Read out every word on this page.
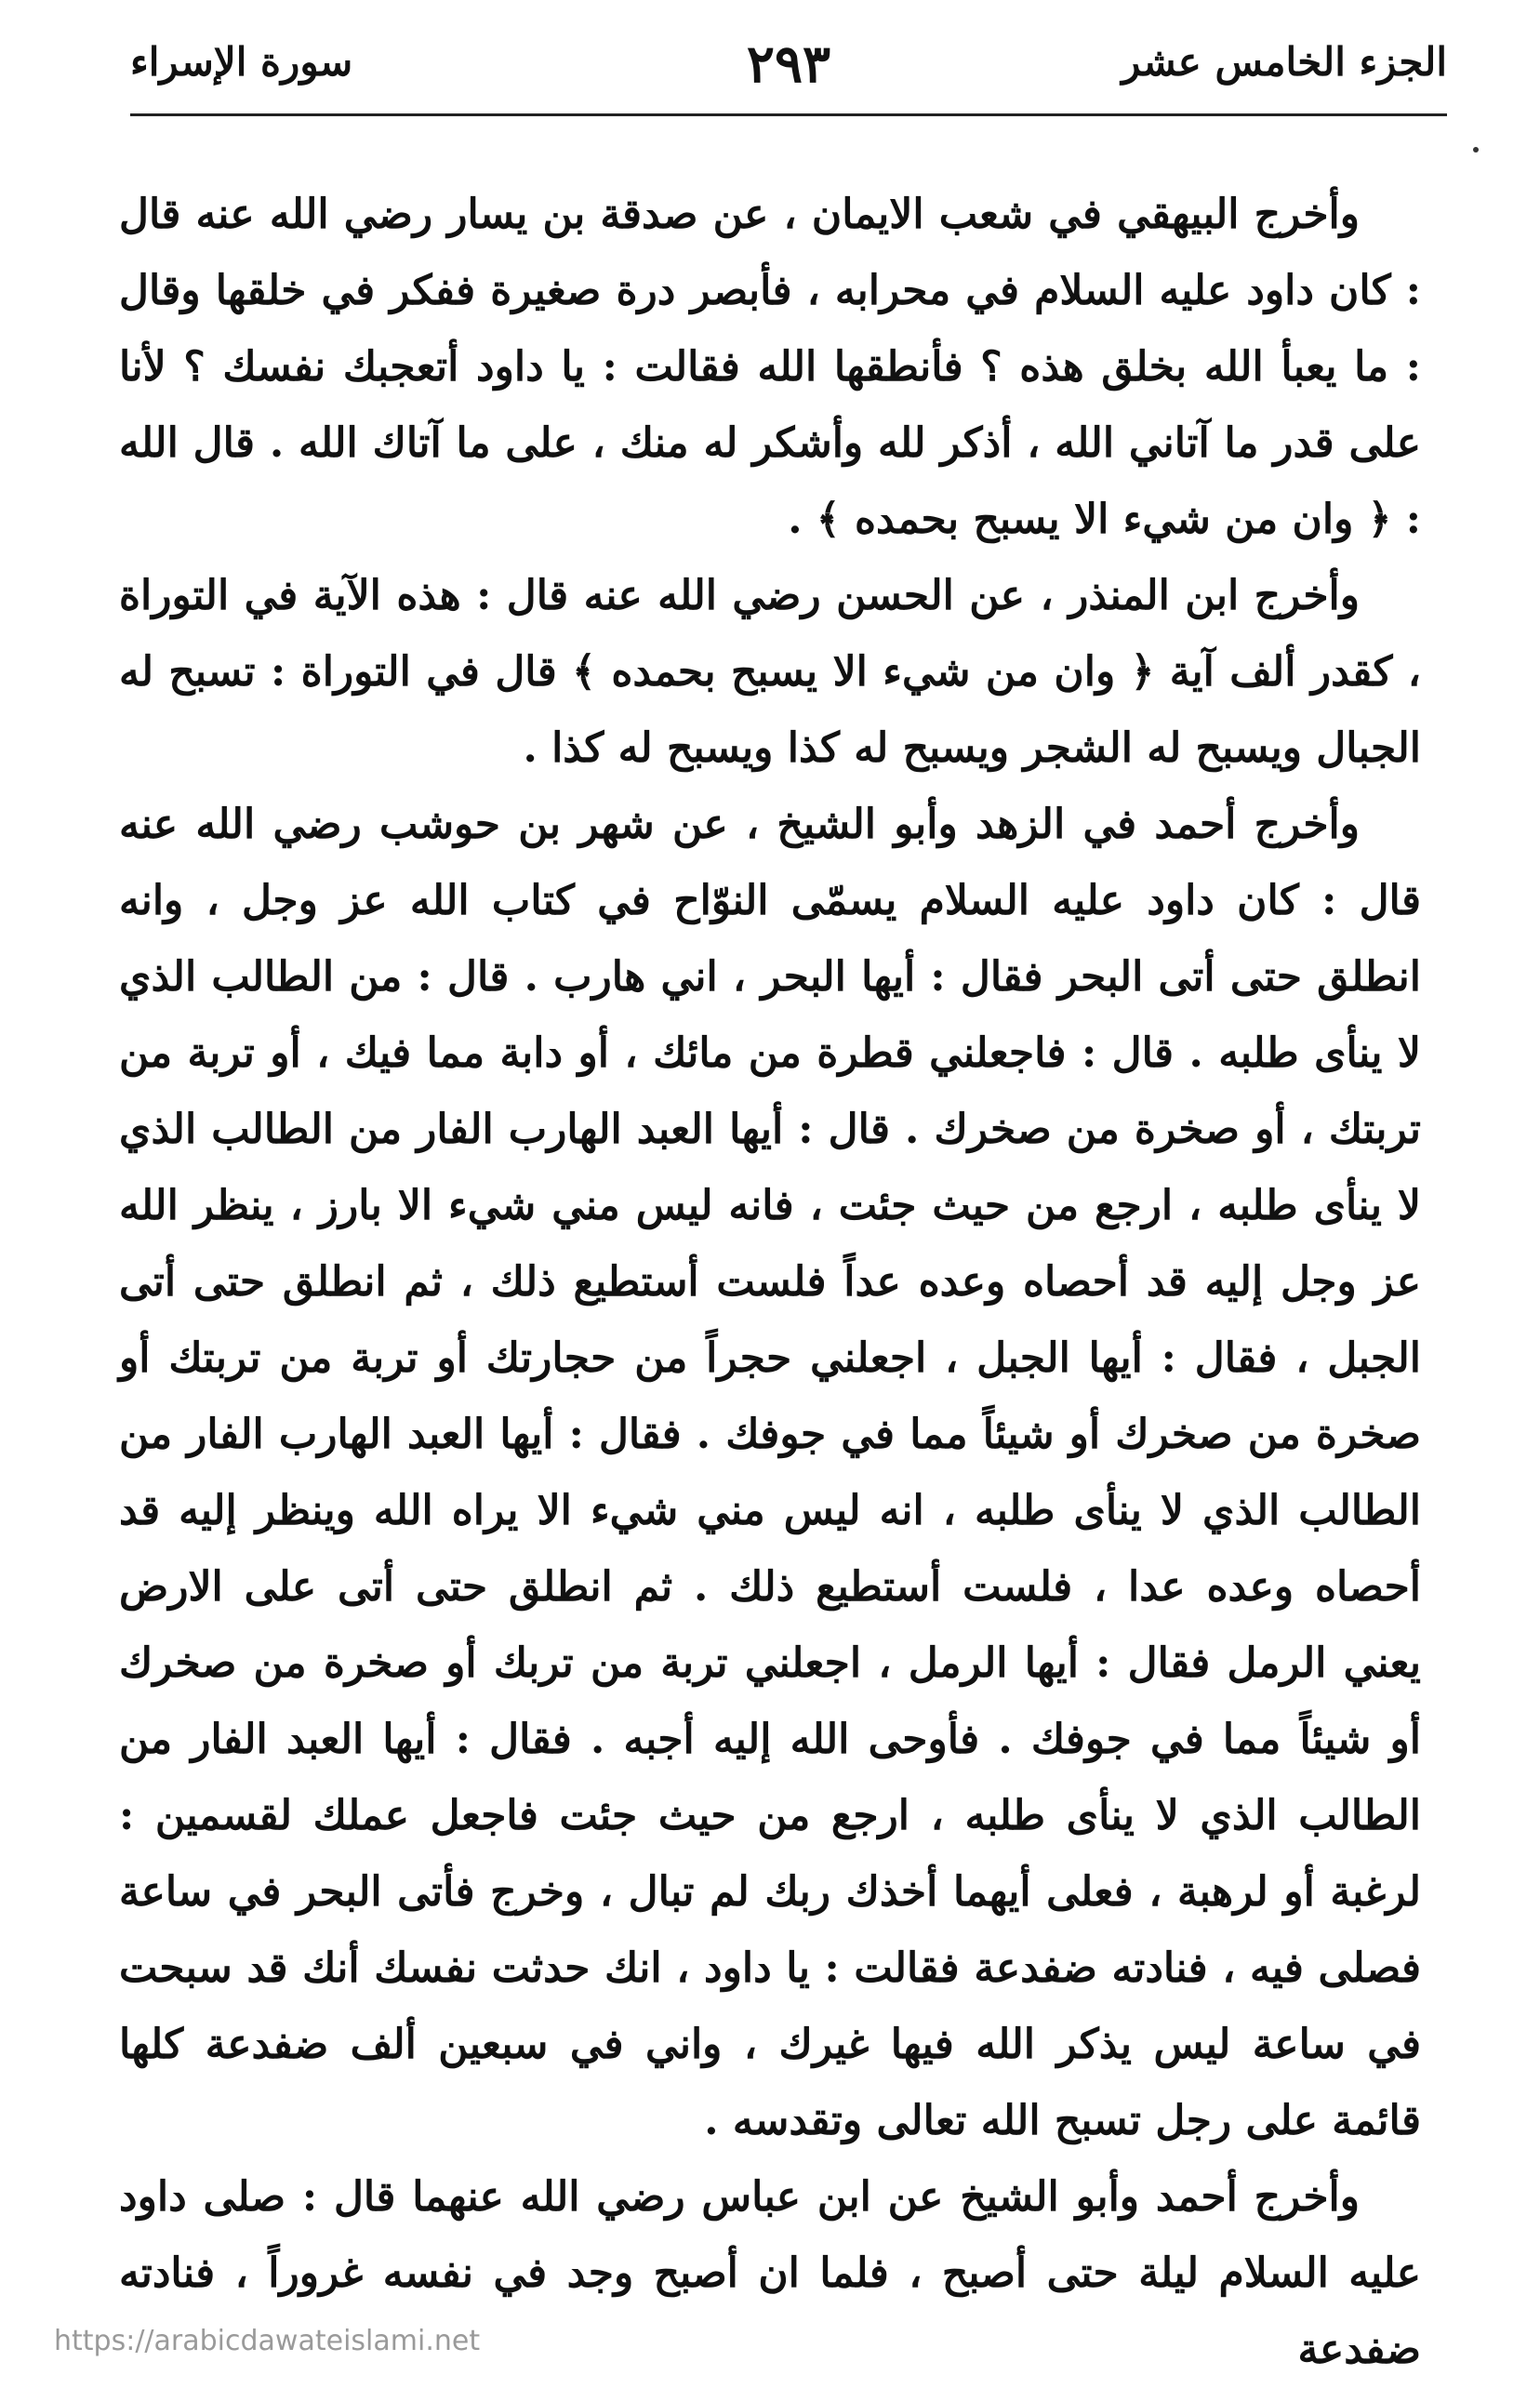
الجزء الخامس عشر
٢٩٣
سورة الإسراء

وأخرج البيهقي في شعب الايمان ، عن صدقة بن يسار رضي الله عنه قال : كان داود عليه السلام في محرابه ، فأبصر درة صغيرة ففكر في خلقها وقال : ما يعبأ الله بخلق هذه ؟ فأنطقها الله فقالت : يا داود أتعجبك نفسك ؟ لأنا على قدر ما آتاني الله ، أذكر لله وأشكر له منك ، على ما آتاك الله . قال الله : ﴿ وان من شيء الا يسبح بحمده ﴾ .

وأخرج ابن المنذر ، عن الحسن رضي الله عنه قال : هذه الآية في التوراة ، كقدر ألف آية ﴿ وان من شيء الا يسبح بحمده ﴾ قال في التوراة : تسبح له الجبال ويسبح له الشجر ويسبح له كذا ويسبح له كذا .

وأخرج أحمد في الزهد وأبو الشيخ ، عن شهر بن حوشب رضي الله عنه قال : كان داود عليه السلام يسمّى النوّاح في كتاب الله عز وجل ، وانه انطلق حتى أتى البحر فقال : أيها البحر ، اني هارب . قال : من الطالب الذي لا ينأى طلبه . قال : فاجعلني قطرة من مائك ، أو دابة مما فيك ، أو تربة من تربتك ، أو صخرة من صخرك . قال : أيها العبد الهارب الفار من الطالب الذي لا ينأى طلبه ، ارجع من حيث جئت ، فانه ليس مني شيء الا بارز ، ينظر الله عز وجل إليه قد أحصاه وعده عداً فلست أستطيع ذلك ، ثم انطلق حتى أتى الجبل ، فقال : أيها الجبل ، اجعلني حجراً من حجارتك أو تربة من تربتك أو صخرة من صخرك أو شيئاً مما في جوفك . فقال : أيها العبد الهارب الفار من الطالب الذي لا ينأى طلبه ، انه ليس مني شيء الا يراه الله وينظر إليه قد أحصاه وعده عدا ، فلست أستطيع ذلك . ثم انطلق حتى أتى على الارض يعني الرمل فقال : أيها الرمل ، اجعلني تربة من تربك أو صخرة من صخرك أو شيئاً مما في جوفك . فأوحى الله إليه أجبه . فقال : أيها العبد الفار من الطالب الذي لا ينأى طلبه ، ارجع من حيث جئت فاجعل عملك لقسمين : لرغبة أو لرهبة ، فعلى أيهما أخذك ربك لم تبال ، وخرج فأتى البحر في ساعة فصلى فيه ، فنادته ضفدعة فقالت : يا داود ، انك حدثت نفسك أنك قد سبحت في ساعة ليس يذكر الله فيها غيرك ، واني في سبعين ألف ضفدعة كلها قائمة على رجل تسبح الله تعالى وتقدسه .

وأخرج أحمد وأبو الشيخ عن ابن عباس رضي الله عنهما قال : صلى داود عليه السلام ليلة حتى أصبح ، فلما ان أصبح وجد في نفسه غروراً ، فنادته ضفدعة

https://arabicdawateislami.net
